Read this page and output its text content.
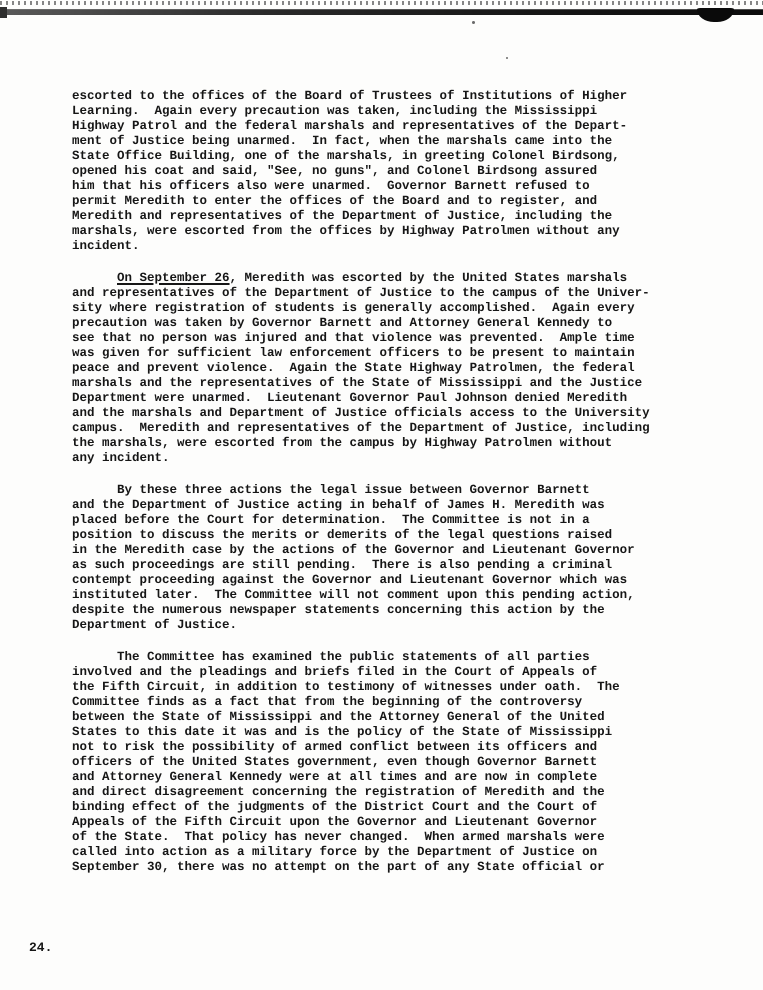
escorted to the offices of the Board of Trustees of Institutions of Higher
Learning.  Again every precaution was taken, including the Mississippi
Highway Patrol and the federal marshals and representatives of the Depart-
ment of Justice being unarmed.  In fact, when the marshals came into the
State Office Building, one of the marshals, in greeting Colonel Birdsong,
opened his coat and said, "See, no guns", and Colonel Birdsong assured
him that his officers also were unarmed.  Governor Barnett refused to
permit Meredith to enter the offices of the Board and to register, and
Meredith and representatives of the Department of Justice, including the
marshals, were escorted from the offices by Highway Patrolmen without any
incident.
On September 26, Meredith was escorted by the United States marshals
and representatives of the Department of Justice to the campus of the Univer-
sity where registration of students is generally accomplished.  Again every
precaution was taken by Governor Barnett and Attorney General Kennedy to
see that no person was injured and that violence was prevented.  Ample time
was given for sufficient law enforcement officers to be present to maintain
peace and prevent violence.  Again the State Highway Patrolmen, the federal
marshals and the representatives of the State of Mississippi and the Justice
Department were unarmed.  Lieutenant Governor Paul Johnson denied Meredith
and the marshals and Department of Justice officials access to the University
campus.  Meredith and representatives of the Department of Justice, including
the marshals, were escorted from the campus by Highway Patrolmen without
any incident.
By these three actions the legal issue between Governor Barnett
and the Department of Justice acting in behalf of James H. Meredith was
placed before the Court for determination.  The Committee is not in a
position to discuss the merits or demerits of the legal questions raised
in the Meredith case by the actions of the Governor and Lieutenant Governor
as such proceedings are still pending.  There is also pending a criminal
contempt proceeding against the Governor and Lieutenant Governor which was
instituted later.  The Committee will not comment upon this pending action,
despite the numerous newspaper statements concerning this action by the
Department of Justice.
The Committee has examined the public statements of all parties
involved and the pleadings and briefs filed in the Court of Appeals of
the Fifth Circuit, in addition to testimony of witnesses under oath.  The
Committee finds as a fact that from the beginning of the controversy
between the State of Mississippi and the Attorney General of the United
States to this date it was and is the policy of the State of Mississippi
not to risk the possibility of armed conflict between its officers and
officers of the United States government, even though Governor Barnett
and Attorney General Kennedy were at all times and are now in complete
and direct disagreement concerning the registration of Meredith and the
binding effect of the judgments of the District Court and the Court of
Appeals of the Fifth Circuit upon the Governor and Lieutenant Governor
of the State.  That policy has never changed.  When armed marshals were
called into action as a military force by the Department of Justice on
September 30, there was no attempt on the part of any State official or
24.
